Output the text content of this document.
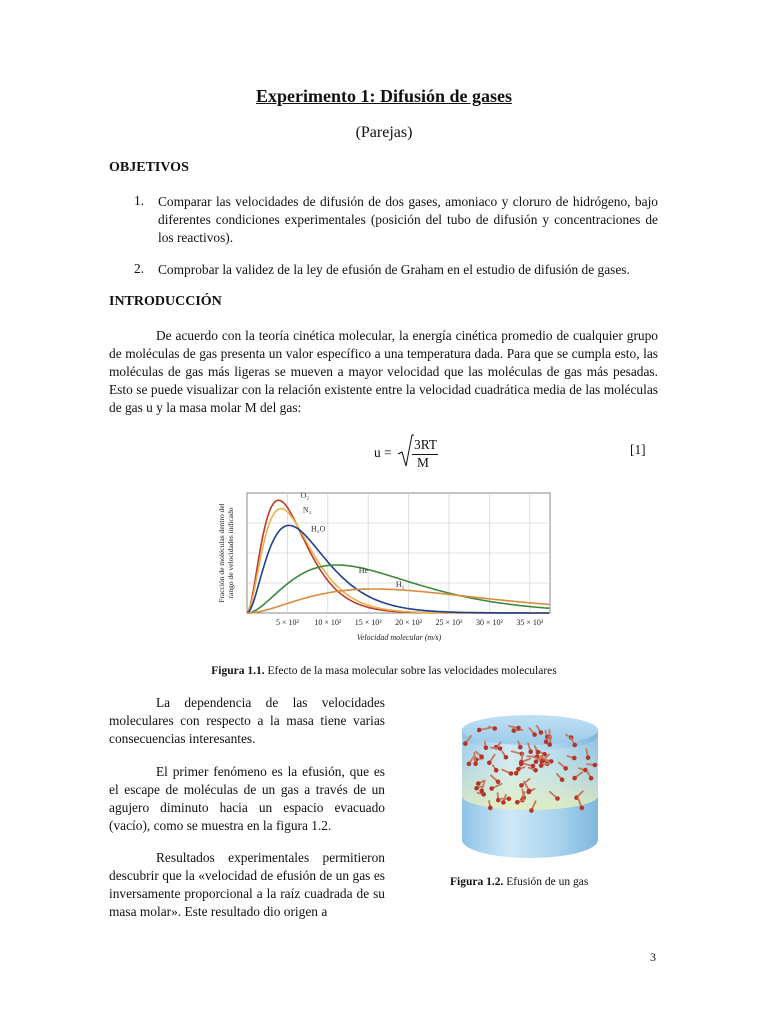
Experimento 1: Difusión de gases
(Parejas)
OBJETIVOS
1. Comparar las velocidades de difusión de dos gases, amoniaco y cloruro de hidrógeno, bajo diferentes condiciones experimentales (posición del tubo de difusión y concentraciones de los reactivos).
2. Comprobar la validez de la ley de efusión de Graham en el estudio de difusión de gases.
INTRODUCCIÓN
De acuerdo con la teoría cinética molecular, la energía cinética promedio de cualquier grupo de moléculas de gas presenta un valor específico a una temperatura dada. Para que se cumpla esto, las moléculas de gas más ligeras se mueven a mayor velocidad que las moléculas de gas más pesadas. Esto se puede visualizar con la relación existente entre la velocidad cuadrática media de las moléculas de gas u y la masa molar M del gas:
u =
3RT
M
[1]
O₂
N₂
H₂O
He
H₂
5 × 10² 10 × 10² 15 × 10² 20 × 10² 25 × 10² 30 × 10² 35 × 10²
Velocidad molecular (m/s)
Fracción de moléculas dentro del rango de velocidades indicado
Figura 1.1. Efecto de la masa molecular sobre las velocidades moleculares
La dependencia de las velocidades moleculares con respecto a la masa tiene varias consecuencias interesantes.
El primer fenómeno es la efusión, que es el escape de moléculas de un gas a través de un agujero diminuto hacia un espacio evacuado (vacío), como se muestra en la figura 1.2.
Resultados experimentales permitieron descubrir que la «velocidad de efusión de un gas es inversamente proporcional a la raíz cuadrada de su masa molar». Este resultado dio origen a
Figura 1.2. Efusión de un gas
3
